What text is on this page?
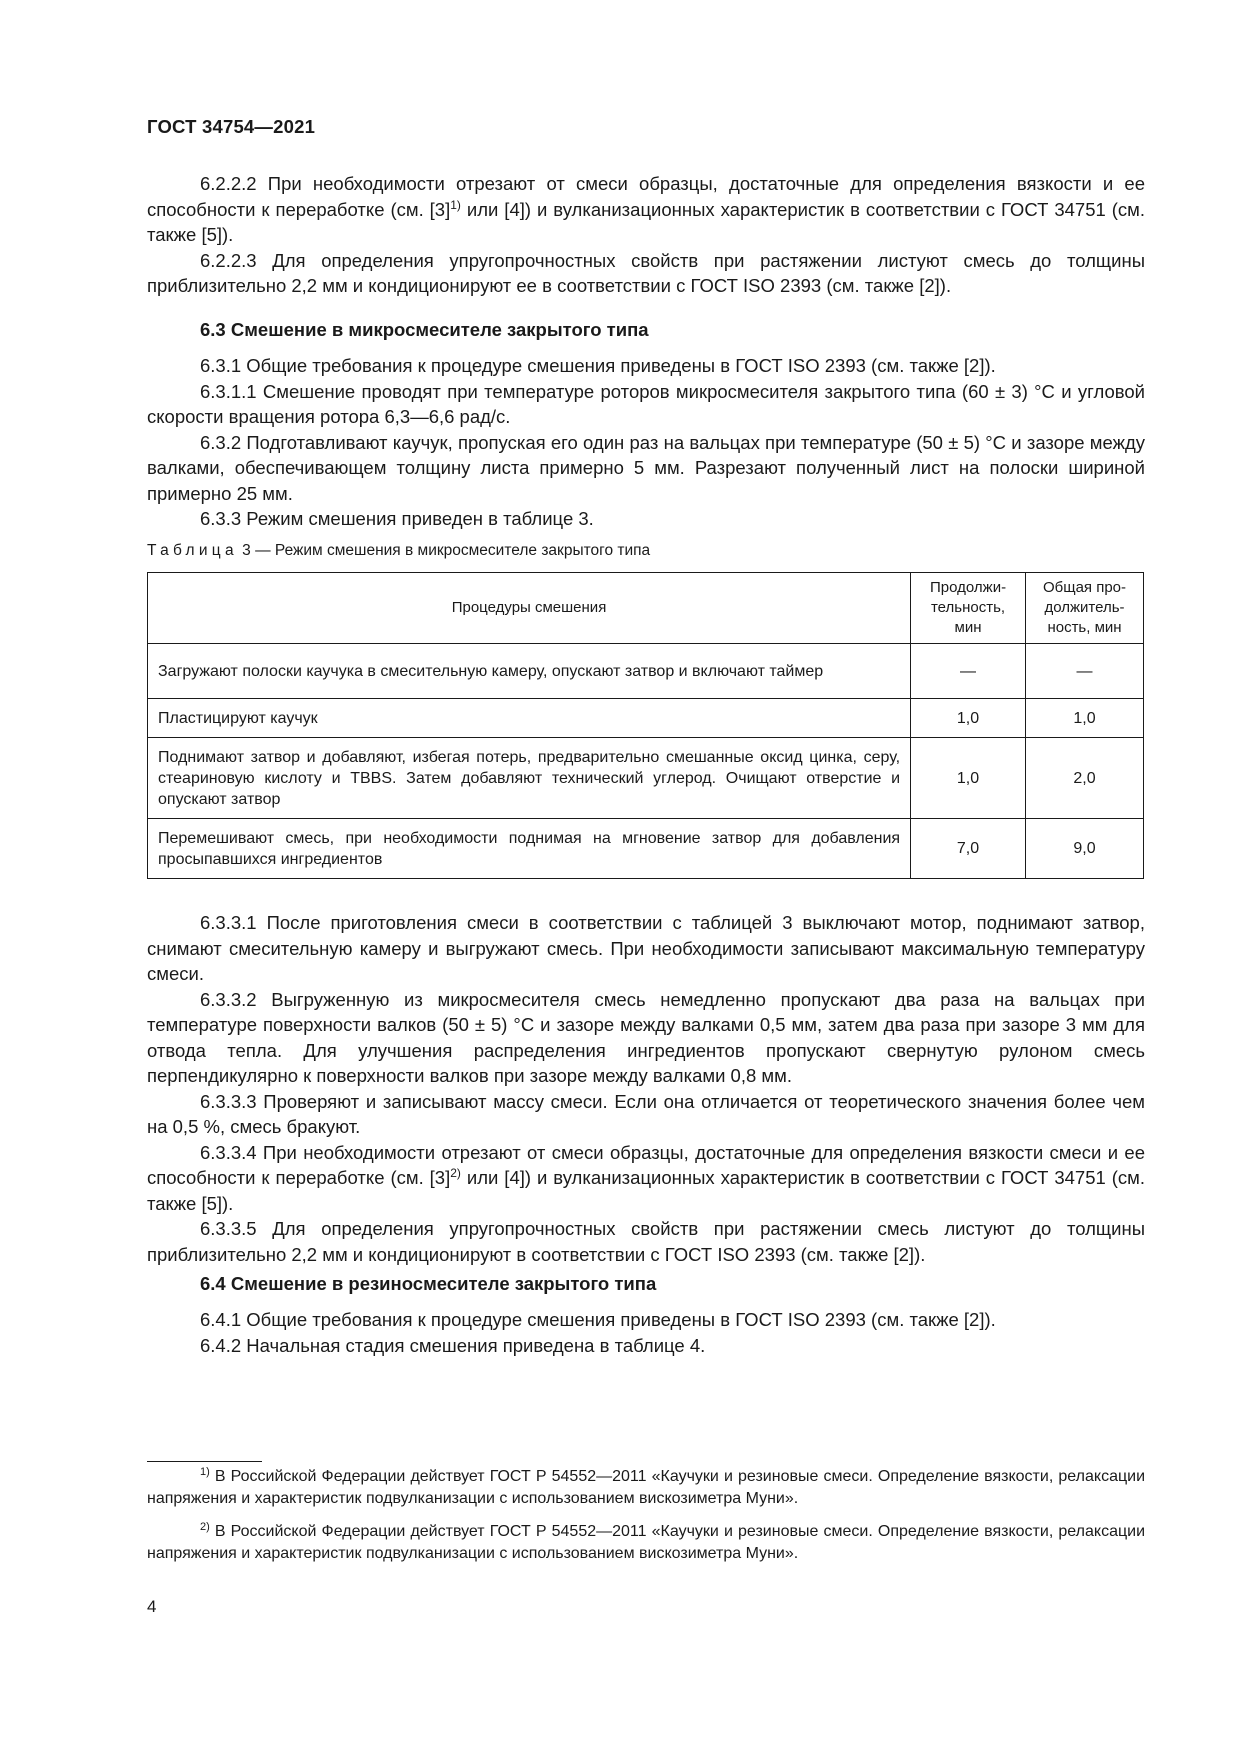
ГОСТ 34754—2021

6.2.2.2 При необходимости отрезают от смеси образцы, достаточные для определения вязкости и ее способности к переработке (см. $[3]^{1)}$ или [4]) и вулканизационных характеристик в соответствии с ГОСТ 34751 (см. также [5]).

6.2.2.3 Для определения упругопрочностных свойств при растяжении листуют смесь до толщины приблизительно 2,2 мм и кондиционируют ее в соответствии с ГОСТ ISO 2393 (см. также [2]).

6.3 Смешение в микросмесителе закрытого типа

6.3.1 Общие требования к процедуре смешения приведены в ГОСТ ISO 2393 (см. также [2]).

6.3.1.1 Смешение проводят при температуре роторов микросмесителя закрытого типа (60 ± 3) °С и угловой скорости вращения ротора 6,3—6,6 рад/с.

6.3.2 Подготавливают каучук, пропуская его один раз на вальцах при температуре (50 ± 5) °С и зазоре между валками, обеспечивающем толщину листа примерно 5 мм. Разрезают полученный лист на полоски шириной примерно 25 мм.

6.3.3 Режим смешения приведен в таблице 3.

Таблица 3 — Режим смешения в микросмесителе закрытого типа
Процедуры смешения	Продолжи-тельность, мин	Общая про-должитель-ность, мин
Загружают полоски каучука в смесительную камеру, опускают затвор и включают таймер	—	—
Пластицируют каучук	1,0	1,0
Поднимают затвор и добавляют, избегая потерь, предварительно смешанные оксид цинка, серу, стеариновую кислоту и TBBS. Затем добавляют технический углерод. Очищают отверстие и опускают затвор	1,0	2,0
Перемешивают смесь, при необходимости поднимая на мгновение затвор для добавления просыпавшихся ингредиентов	7,0	9,0

6.3.3.1 После приготовления смеси в соответствии с таблицей 3 выключают мотор, поднимают затвор, снимают смесительную камеру и выгружают смесь. При необходимости записывают максимальную температуру смеси.

6.3.3.2 Выгруженную из микросмесителя смесь немедленно пропускают два раза на вальцах при температуре поверхности валков (50 ± 5) °С и зазоре между валками 0,5 мм, затем два раза при зазоре 3 мм для отвода тепла. Для улучшения распределения ингредиентов пропускают свернутую рулоном смесь перпендикулярно к поверхности валков при зазоре между валками 0,8 мм.

6.3.3.3 Проверяют и записывают массу смеси. Если она отличается от теоретического значения более чем на 0,5 %, смесь бракуют.

6.3.3.4 При необходимости отрезают от смеси образцы, достаточные для определения вязкости смеси и ее способности к переработке (см. $[3]^{2)}$ или [4]) и вулканизационных характеристик в соответствии с ГОСТ 34751 (см. также [5]).

6.3.3.5 Для определения упругопрочностных свойств при растяжении смесь листуют до толщины приблизительно 2,2 мм и кондиционируют в соответствии с ГОСТ ISO 2393 (см. также [2]).

6.4 Смешение в резиносмесителе закрытого типа

6.4.1 Общие требования к процедуре смешения приведены в ГОСТ ISO 2393 (см. также [2]).

6.4.2 Начальная стадия смешения приведена в таблице 4.

$^{1)}$ В Российской Федерации действует ГОСТ Р 54552—2011 «Каучуки и резиновые смеси. Определение вязкости, релаксации напряжения и характеристик подвулканизации с использованием вискозиметра Муни».
$^{2)}$ В Российской Федерации действует ГОСТ Р 54552—2011 «Каучуки и резиновые смеси. Определение вязкости, релаксации напряжения и характеристик подвулканизации с использованием вискозиметра Муни».
4
